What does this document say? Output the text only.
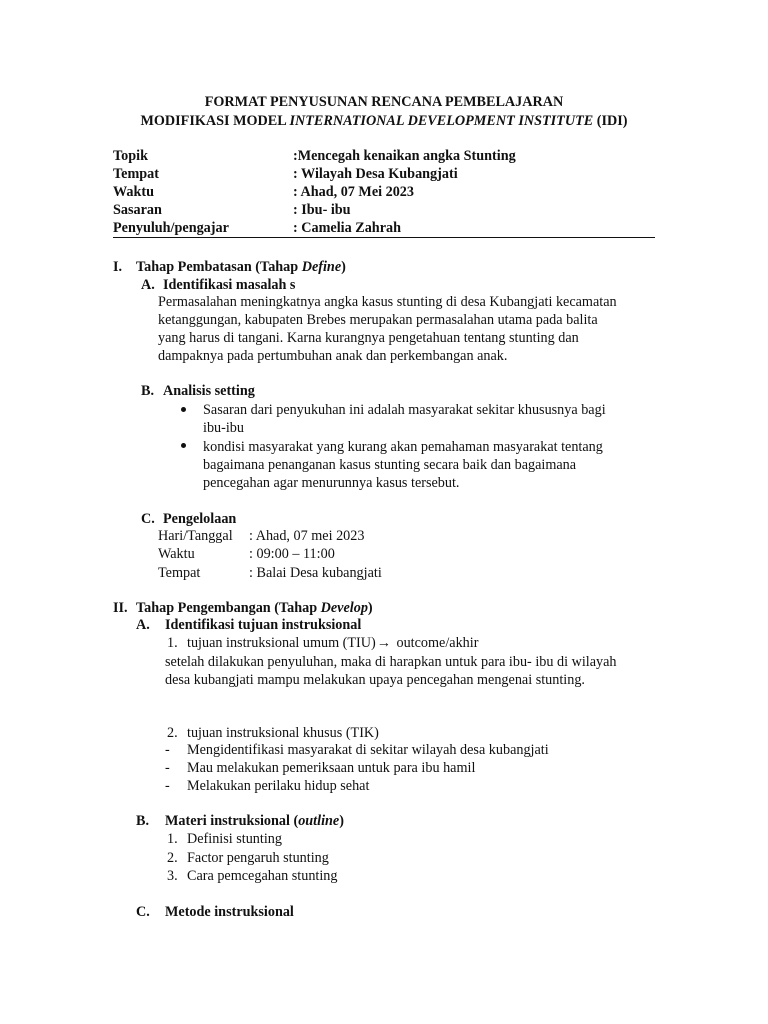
FORMAT PENYUSUNAN RENCANA PEMBELAJARAN
MODIFIKASI MODEL INTERNATIONAL DEVELOPMENT INSTITUTE (IDI)
Topik	:Mencegah kenaikan angka Stunting
Tempat	: Wilayah Desa Kubangjati
Waktu	: Ahad, 07 Mei 2023
Sasaran	: Ibu- ibu
Penyuluh/pengajar	: Camelia Zahrah
I. Tahap Pembatasan (Tahap Define)
A. Identifikasi masalah s
Permasalahan meningkatnya angka kasus stunting di desa Kubangjati kecamatan
ketanggungan, kabupaten Brebes merupakan permasalahan utama pada balita
yang harus di tangani. Karna kurangnya pengetahuan tentang stunting dan
dampaknya pada pertumbuhan anak dan perkembangan anak.
B. Analisis setting
Sasaran dari penyukuhan ini adalah masyarakat sekitar khususnya bagi
ibu-ibu
kondisi masyarakat yang kurang akan pemahaman masyarakat tentang
bagaimana penanganan kasus stunting secara baik dan bagaimana
pencegahan agar menurunnya kasus tersebut.
C. Pengelolaan
Hari/Tanggal : Ahad, 07 mei 2023
Waktu	: 09:00 – 11:00
Tempat	: Balai Desa kubangjati
II. Tahap Pengembangan (Tahap Develop)
A. Identifikasi tujuan instruksional
1. tujuan instruksional umum (TIU)→ outcome/akhir
setelah dilakukan penyuluhan, maka di harapkan untuk para ibu- ibu di wilayah
desa kubangjati mampu melakukan upaya pencegahan mengenai stunting.
2. tujuan instruksional khusus (TIK)
- Mengidentifikasi masyarakat di sekitar wilayah desa kubangjati
- Mau melakukan pemeriksaan untuk para ibu hamil
- Melakukan perilaku hidup sehat
B. Materi instruksional (outline)
1. Definisi stunting
2. Factor pengaruh stunting
3. Cara pemcegahan stunting
C. Metode instruksional
